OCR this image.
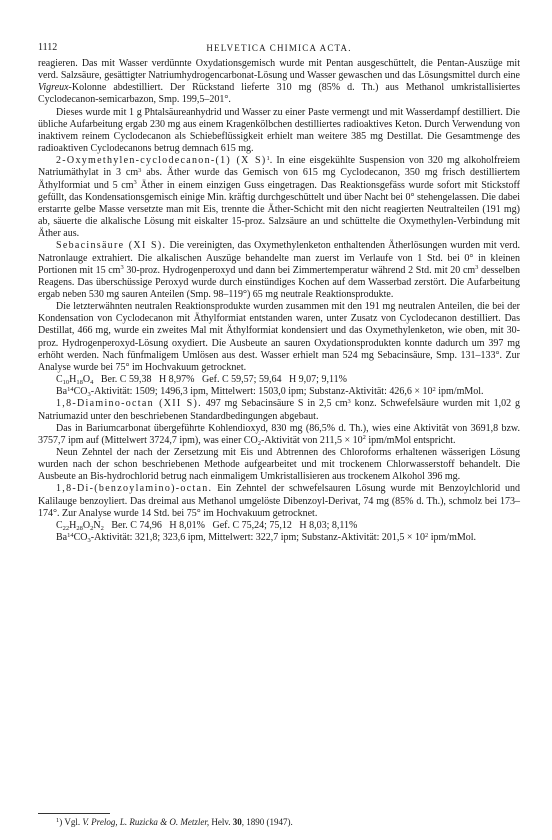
1112	HELVETICA CHIMICA ACTA.

reagieren. Das mit Wasser verdünnte Oxydationsgemisch wurde mit Pentan ausgeschüttelt, die Pentan-Auszüge mit verd. Salzsäure, gesättigter Natriumhydrogencarbonat-Lösung und Wasser gewaschen und das Lösungsmittel durch eine Vigreux-Kolonne abdestilliert. Der Rückstand lieferte 310 mg (85% d. Th.) aus Methanol umkristallisiertes Cyclodecanon-semicarbazon, Smp. 199,5–201°.

Dieses wurde mit 1 g Phtalsäureanhydrid und Wasser zu einer Paste vermengt und mit Wasserdampf destilliert. Die übliche Aufarbeitung ergab 230 mg aus einem Kragenkölbchen destilliertes radioaktives Keton. Durch Verwendung von inaktivem reinem Cyclodecanon als Schiebeflüssigkeit erhielt man weitere 385 mg Destillat. Die Gesamtmenge des radioaktiven Cyclodecanons betrug demnach 615 mg.

2-Oxymethylen-cyclodecanon-(1) (X S)$^1$. In eine eisgekühlte Suspension von 320 mg alkoholfreiem Natriumäthylat in 3 $cm^3$ abs. Äther wurde das Gemisch von 615 mg Cyclodecanon, 350 mg frisch destilliertem Äthylformiat und 5 $cm^3$ Äther in einem einzigen Guss eingetragen. Das Reaktionsgefäss wurde sofort mit Stickstoff gefüllt, das Kondensationsgemisch einige Min. kräftig durchgeschüttelt und über Nacht bei 0° stehengelassen. Die dabei erstarrte gelbe Masse versetzte man mit Eis, trennte die Äther-Schicht mit den nicht reagierten Neutralteilen (191 mg) ab, säuerte die alkalische Lösung mit eiskalter 15-proz. Salzsäure an und schüttelte die Oxymethylen-Verbindung mit Äther aus.

Sebacinsäure (XI S). Die vereinigten, das Oxymethylenketon enthaltenden Ätherlösungen wurden mit verd. Natronlauge extrahiert. Die alkalischen Auszüge behandelte man zuerst im Verlaufe von 1 Std. bei 0° in kleinen Portionen mit 15 $cm^3$ 30-proz. Hydrogenperoxyd und dann bei Zimmertemperatur während 2 Std. mit 20 $cm^3$ desselben Reagens. Das überschüssige Peroxyd wurde durch einstündiges Kochen auf dem Wasserbad zerstört. Die Aufarbeitung ergab neben 530 mg sauren Anteilen (Smp. 98–119°) 65 mg neutrale Reaktionsprodukte.

Die letzterwähnten neutralen Reaktionsprodukte wurden zusammen mit den 191 mg neutralen Anteilen, die bei der Kondensation von Cyclodecanon mit Äthylformiat entstanden waren, unter Zusatz von Cyclodecanon destilliert. Das Destillat, 466 mg, wurde ein zweites Mal mit Äthylformiat kondensiert und das Oxymethylenketon, wie oben, mit 30-proz. Hydrogenperoxyd-Lösung oxydiert. Die Ausbeute an sauren Oxydationsprodukten konnte dadurch um 397 mg erhöht werden. Nach fünfmaligem Umlösen aus dest. Wasser erhielt man 524 mg Sebacinsäure, Smp. 131–133°. Zur Analyse wurde bei 75° im Hochvakuum getrocknet.

$C_{10}H_{18}O_4$   Ber. C 59,38   H 8,97%   Gef. C 59,57; 59,64   H 9,07; 9,11%

$Ba^{14}CO_3$-Aktivität: 1509; 1496,3 ipm, Mittelwert: 1503,0 ipm; Substanz-Aktivität: $426,6 \times 10^2$ ipm/mMol.

1,8-Diamino-octan (XII S). 497 mg Sebacinsäure S in 2,5 $cm^3$ konz. Schwefelsäure wurden mit 1,02 g Natriumazid unter den beschriebenen Standardbedingungen abgebaut.

Das in Bariumcarbonat übergeführte Kohlendioxyd, 830 mg (86,5% d. Th.), wies eine Aktivität von 3691,8 bzw. 3757,7 ipm auf (Mittelwert 3724,7 ipm), was einer $CO_2$-Aktivität von $211,5 \times 10^2$ ipm/mMol entspricht.

Neun Zehntel der nach der Zersetzung mit Eis und Abtrennen des Chloroforms erhaltenen wässerigen Lösung wurden nach der schon beschriebenen Methode aufgearbeitet und mit trockenem Chlorwasserstoff behandelt. Die Ausbeute an Bis-hydrochlorid betrug nach einmaligem Umkristallisieren aus trockenem Alkohol 396 mg.

1,8-Di-(benzoylamino)-octan. Ein Zehntel der schwefelsauren Lösung wurde mit Benzoylchlorid und Kalilauge benzoyliert. Das dreimal aus Methanol umgelöste Dibenzoyl-Derivat, 74 mg (85% d. Th.), schmolz bei 173–174°. Zur Analyse wurde 14 Std. bei 75° im Hochvakuum getrocknet.

$C_{22}H_{28}O_2N_2$   Ber. C 74,96   H 8,01%   Gef. C 75,24; 75,12   H 8,03; 8,11%

$Ba^{14}CO_3$-Aktivität: 321,8; 323,6 ipm, Mittelwert: 322,7 ipm; Substanz-Aktivität: $201,5 \times 10^2$ ipm/mMol.

$^1$) Vgl. V. Prelog, L. Ruzicka & O. Metzler, Helv. 30, 1890 (1947).
